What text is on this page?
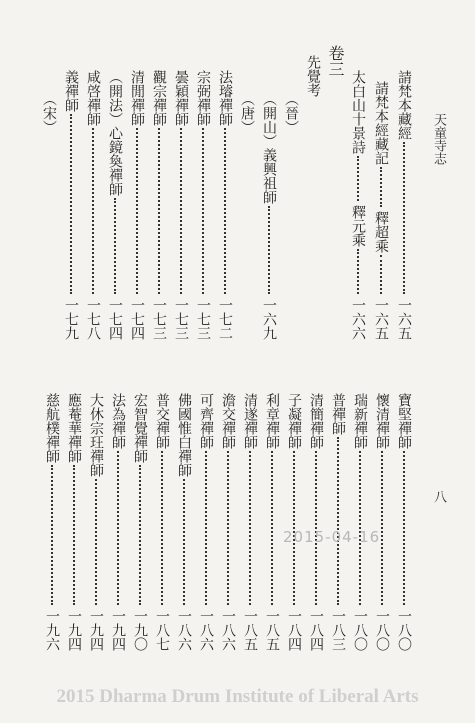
天童寺志
八
請梵本藏經
一六五
請梵本經藏記
釋超乘
一六五
太白山十景詩
釋元乘
一六六

卷三
先覺考
（晉）
（開山）義興祖師
一六九
（唐）
法璿禪師
一七二
宗弼禪師
一七三
曇穎禪師
一七三
觀宗禪師
一七三
清閒禪師
一七四
（開法）心鏡奐禪師
一七四
咸啓禪師
一七八
義禪師
一七九
（宋）
寶堅禪師
一八〇
懷清禪師
一八〇
瑞新禪師
一八〇
普禪師
一八三
清簡禪師
一八四
子凝禪師
一八四
利章禪師
一八五
清遂禪師
一八五
澹交禪師
一八六
可齊禪師
一八六
佛國惟白禪師
一八六
普交禪師
一八七
宏智覺禪師
一九〇
法為禪師
一九四
大休宗玨禪師
一九四
應菴華禪師
一九四
慈航樸禪師
一九六
2015-04-16
2015 Dharma Drum Institute of Liberal Arts
